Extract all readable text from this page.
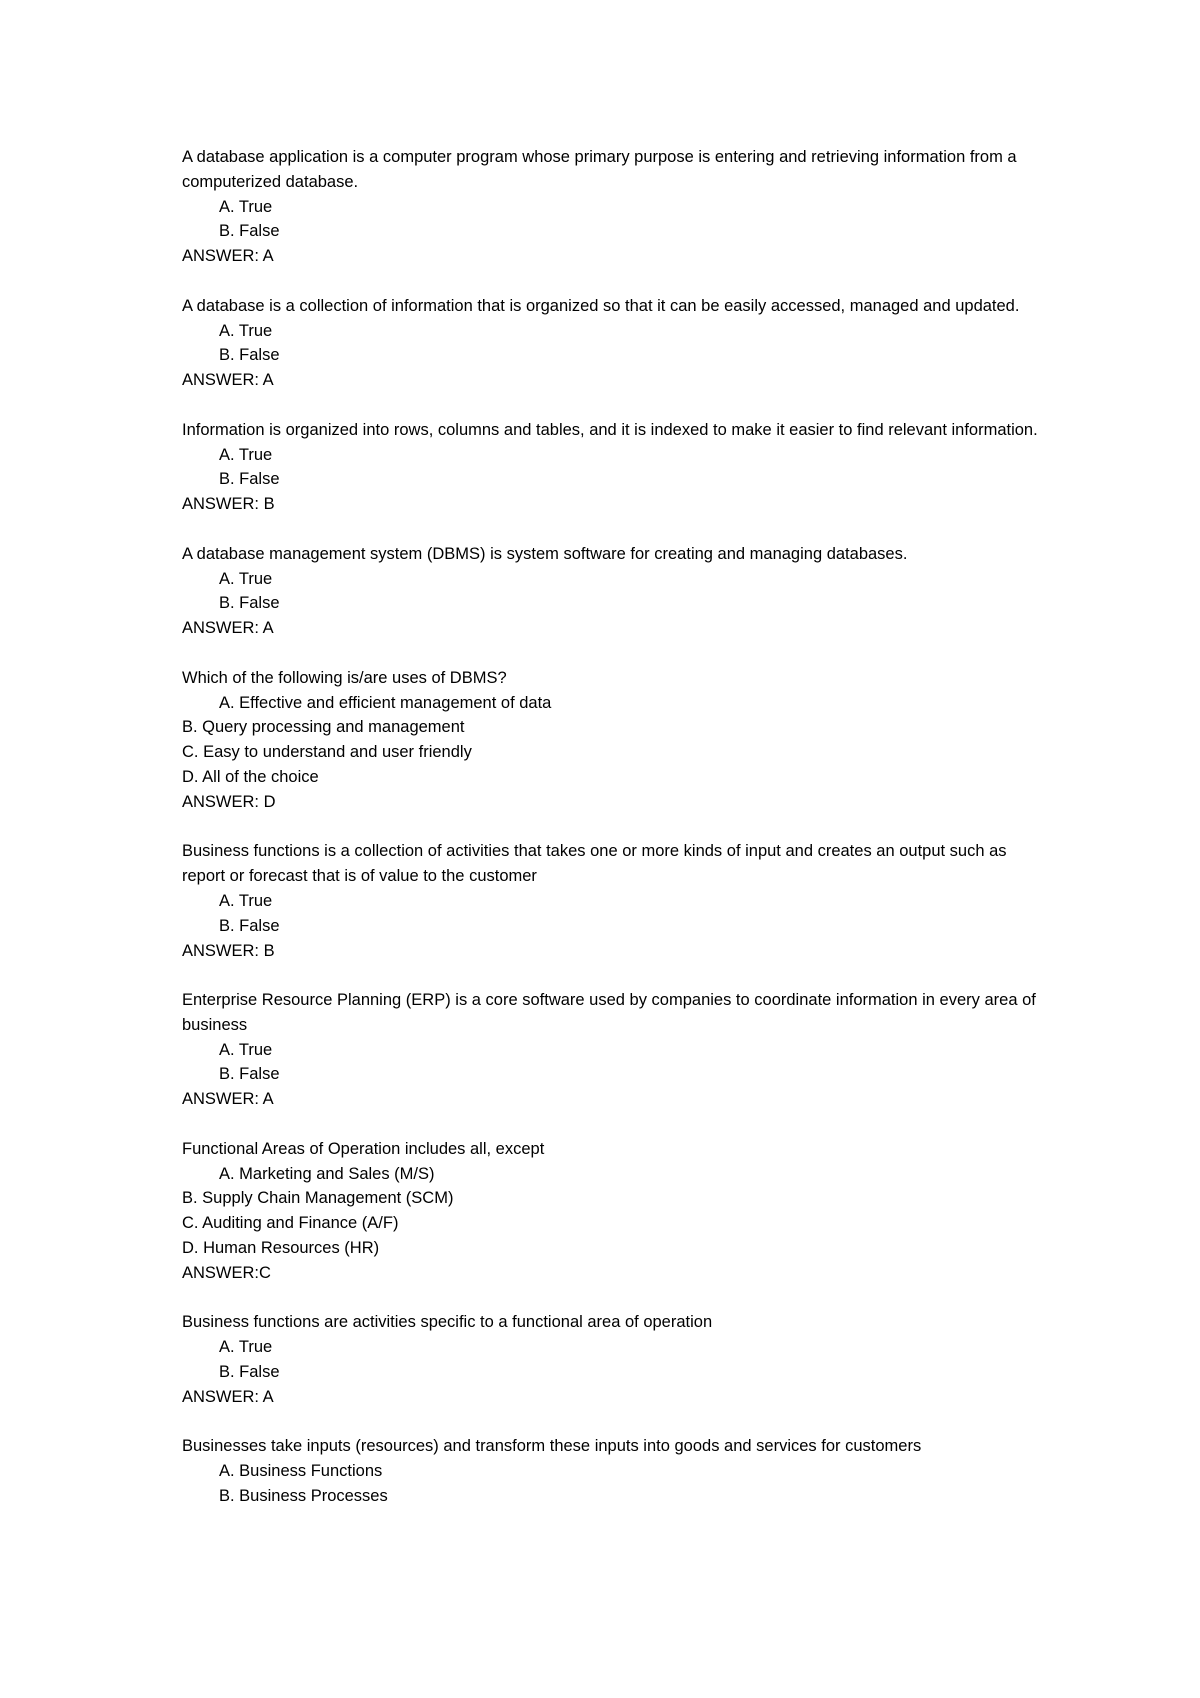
A database application is a computer program whose primary purpose is entering and retrieving information from a computerized database.

A. True

B. False

ANSWER: A

A database is a collection of information that is organized so that it can be easily accessed, managed and updated.

A. True

B. False

ANSWER: A

Information is organized into rows, columns and tables, and it is indexed to make it easier to find relevant information.

A. True

B. False

ANSWER: B

A database management system (DBMS) is system software for creating and managing databases.

A. True

B. False

ANSWER: A

Which of the following is/are uses of DBMS?

A. Effective and efficient management of data

B. Query processing and management

C. Easy to understand and user friendly

D. All of the choice

ANSWER: D

Business functions is a collection of activities that takes one or more kinds of input and creates an output such as report or forecast that is of value to the customer

A. True

B. False

ANSWER: B

Enterprise Resource Planning (ERP) is a core software used by companies to coordinate information in every area of business

A. True

B. False

ANSWER: A

Functional Areas of Operation includes all, except

A. Marketing and Sales (M/S)

B. Supply Chain Management (SCM)

C. Auditing and Finance (A/F)

D. Human Resources (HR)

ANSWER:C

Business functions are activities specific to a functional area of operation

A. True

B. False

ANSWER: A

Businesses take inputs (resources) and transform these inputs into goods and services for customers

A. Business Functions

B. Business Processes
